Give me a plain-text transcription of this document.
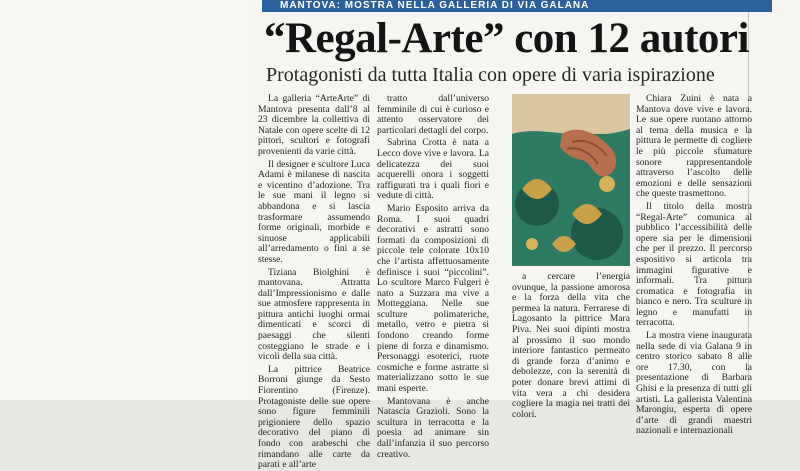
MANTOVA: MOSTRA NELLA GALLERIA DI VIA GALANA
“Regal-Arte” con 12 autori
Protagonisti da tutta Italia con opere di varia ispirazione

La galleria “ArteArte” di Mantova presenta dall’8 al 23 dicembre la collettiva di Natale con opere scelte di 12 pittori, scultori e fotografi provenienti da varie città.

Il designer e scultore Luca Adami è milanese di nascita e vicentino d’adozione. Tra le sue mani il legno si abbandona e si lascia trasformare assumendo forme originali, morbide e sinuose applicabili all’arredamento o fini a se stesse.

Tiziana Biolghini è mantovana. Attratta dall’Impressionismo e dalle sue atmosfere rappresenta in pittura antichi luoghi ormai dimenticati e scorci di paesaggi che silenti costeggiano le strade e i vicoli della sua città.

La pittrice Beatrice Borroni giunge da Sesto Fiorentino (Firenze). Protagoniste delle sue opere sono figure femminili prigioniere dello spazio decorativo del piano di fondo con arabeschi che rimandano alle carte da parati e all’arte

tratto dall’universo femminile di cui è curioso e attento osservatore dei particolari dettagli del corpo.

Sabrina Crotta è nata a Lecco dove vive e lavora. La delicatezza dei suoi acquerelli onora i soggetti raffigurati tra i quali fiori e vedute di città.

Mario Esposito arriva da Roma. I suoi quadri decorativi e astratti sono formati da composizioni di piccole tele colorate 10x10 che l’artista affettuosamente definisce i suoi “piccolini”. Lo scultore Marco Fulgeri è nato a Suzzara ma vive a Motteggiana. Nelle sue sculture polimateriche, metallo, vetro e pietra si fondono creando forme piene di forza e dinamismo. Personaggi esoterici, ruote cosmiche e forme astratte si materializzano sotto le sue mani esperte.

Mantovana è anche Natascia Grazioli. Sono la scultura in terracotta e la poesia ad animare sin dall’infanzia il suo percorso creativo.

a cercare l’energia ovunque, la passione amorosa e la forza della vita che permea la natura. Ferrarese di Lagosanto la pittrice Mara Piva. Nei suoi dipinti mostra al prossimo il suo mondo interiore fantastico permeato di grande forza d’animo e debolezze, con la serenità di poter donare brevi attimi di vita vera a chi desidera cogliere la magia nei tratti dei colori.

Chiara Zuini è nata a Mantova dove vive e lavora. Le sue opere ruotano attorno al tema della musica e la pittura le permette di cogliere le più piccole sfumature sonore rappresentandole attraverso l’ascolto delle emozioni e delle sensazioni che queste trasmettono.

Il titolo della mostra “Regal-Arte” comunica al pubblico l’accessibilità delle opere sia per le dimensioni che per il prezzo. Il percorso espositivo si articola tra immagini figurative e informali. Tra pittura cromatica e fotografia in bianco e nero. Tra sculture in legno e manufatti in terracotta.

La mostra viene inaugurata nella sede di via Galana 9 in centro storico sabato 8 alle ore 17.30, con la presentazione di Barbara Ghisi e la presenza di tutti gli artisti. La gallerista Valentina Marongiu, esperta di opere d’arte di grandi maestri nazionali e internazionali
